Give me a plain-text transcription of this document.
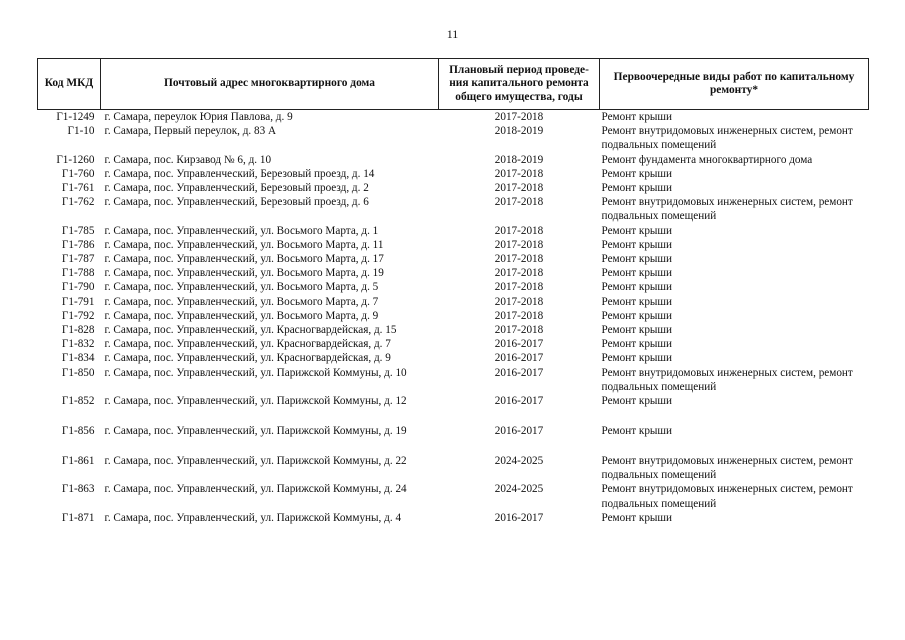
11
Код МКД	Почтовый адрес многоквартирного дома	Плановый период проведе-ния капитального ремонта общего имущества, годы	Первоочередные виды работ по капитальному ремонту*
Г1-1249	г. Самара, переулок Юрия Павлова, д. 9	2017-2018	Ремонт крыши
Г1-10	г. Самара, Первый переулок, д. 83 А	2018-2019	Ремонт внутридомовых инженерных систем, ремонт подвальных помещений
Г1-1260	г. Самара, пос. Кирзавод № 6, д. 10	2018-2019	Ремонт фундамента многоквартирного дома
Г1-760	г. Самара, пос. Управленческий, Березовый проезд, д. 14	2017-2018	Ремонт крыши
Г1-761	г. Самара, пос. Управленческий, Березовый проезд, д. 2	2017-2018	Ремонт крыши
Г1-762	г. Самара, пос. Управленческий, Березовый проезд, д. 6	2017-2018	Ремонт внутридомовых инженерных систем, ремонт подвальных помещений
Г1-785	г. Самара, пос. Управленческий, ул. Восьмого Марта, д. 1	2017-2018	Ремонт крыши
Г1-786	г. Самара, пос. Управленческий, ул. Восьмого Марта, д. 11	2017-2018	Ремонт крыши
Г1-787	г. Самара, пос. Управленческий, ул. Восьмого Марта, д. 17	2017-2018	Ремонт крыши
Г1-788	г. Самара, пос. Управленческий, ул. Восьмого Марта, д. 19	2017-2018	Ремонт крыши
Г1-790	г. Самара, пос. Управленческий, ул. Восьмого Марта, д. 5	2017-2018	Ремонт крыши
Г1-791	г. Самара, пос. Управленческий, ул. Восьмого Марта, д. 7	2017-2018	Ремонт крыши
Г1-792	г. Самара, пос. Управленческий, ул. Восьмого Марта, д. 9	2017-2018	Ремонт крыши
Г1-828	г. Самара, пос. Управленческий, ул. Красногвардейская, д. 15	2017-2018	Ремонт крыши
Г1-832	г. Самара, пос. Управленческий, ул. Красногвардейская, д. 7	2016-2017	Ремонт крыши
Г1-834	г. Самара, пос. Управленческий, ул. Красногвардейская, д. 9	2016-2017	Ремонт крыши
Г1-850	г. Самара, пос. Управленческий, ул. Парижской Коммуны, д. 10	2016-2017	Ремонт внутридомовых инженерных систем, ремонт подвальных помещений
Г1-852	г. Самара, пос. Управленческий, ул. Парижской Коммуны, д. 12	2016-2017	Ремонт крыши
Г1-856	г. Самара, пос. Управленческий, ул. Парижской Коммуны, д. 19	2016-2017	Ремонт крыши
Г1-861	г. Самара, пос. Управленческий, ул. Парижской Коммуны, д. 22	2024-2025	Ремонт внутридомовых инженерных систем, ремонт подвальных помещений
Г1-863	г. Самара, пос. Управленческий, ул. Парижской Коммуны, д. 24	2024-2025	Ремонт внутридомовых инженерных систем, ремонт подвальных помещений
Г1-871	г. Самара, пос. Управленческий, ул. Парижской Коммуны, д. 4	2016-2017	Ремонт крыши
